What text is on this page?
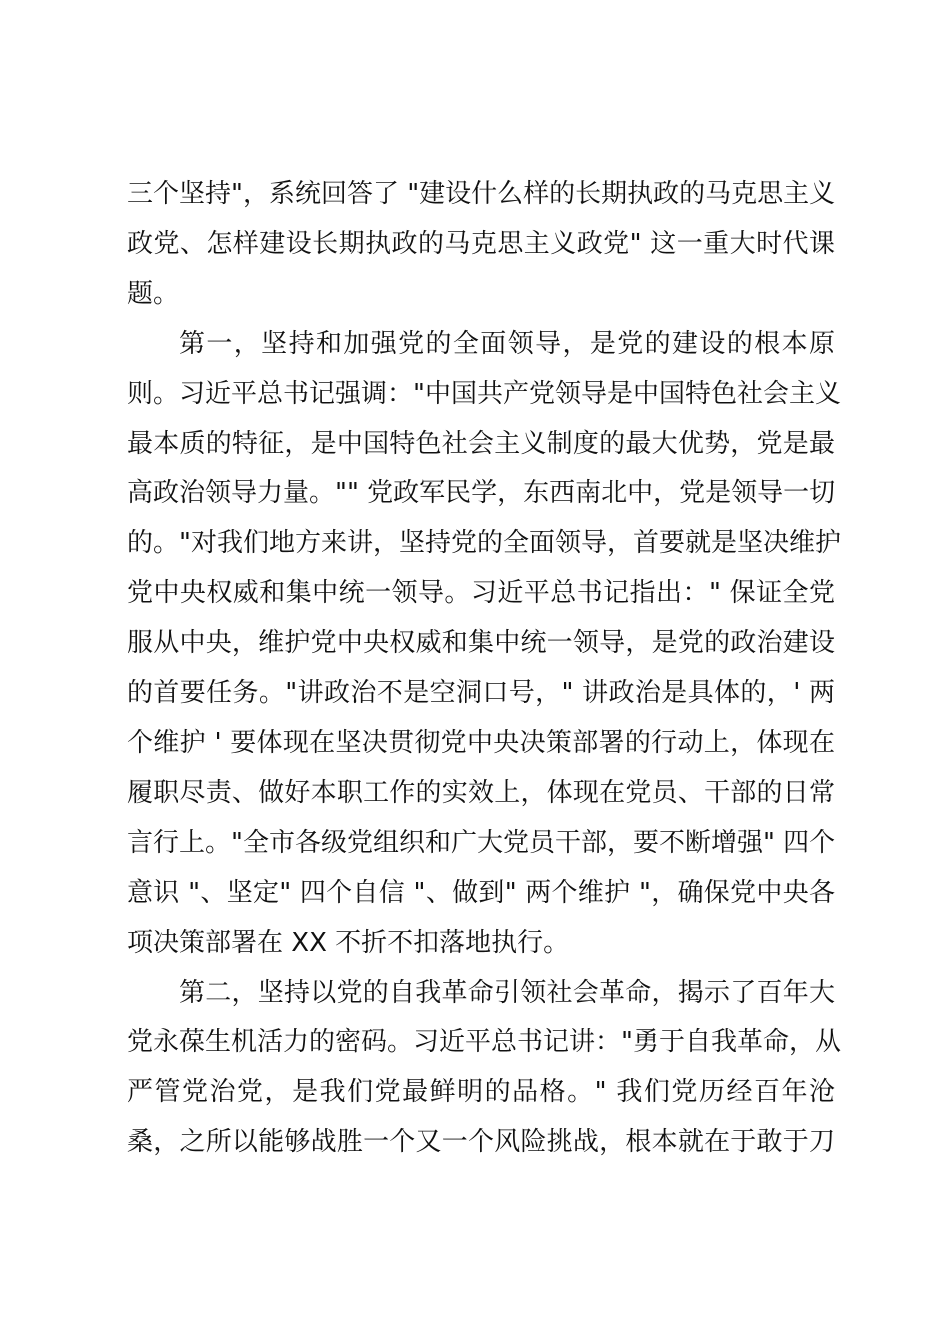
三个坚持"，系统回答了 "建设什么样的长期执政的马克思主义
政党、怎样建设长期执政的马克思主义政党" 这一重大时代课
题。
第一，坚持和加强党的全面领导，是党的建设的根本原
则。习近平总书记强调："中国共产党领导是中国特色社会主义
最本质的特征，是中国特色社会主义制度的最大优势，党是最
高政治领导力量。"" 党政军民学，东西南北中，党是领导一切
的。"对我们地方来讲，坚持党的全面领导，首要就是坚决维护
党中央权威和集中统一领导。习近平总书记指出：" 保证全党
服从中央，维护党中央权威和集中统一领导，是党的政治建设
的首要任务。"讲政治不是空洞口号，" 讲政治是具体的，' 两
个维护 ' 要体现在坚决贯彻党中央决策部署的行动上，体现在
履职尽责、做好本职工作的实效上，体现在党员、干部的日常
言行上。"全市各级党组织和广大党员干部，要不断增强" 四个
意识 "、坚定" 四个自信 "、做到" 两个维护 "，确保党中央各
项决策部署在 XX 不折不扣落地执行。
第二，坚持以党的自我革命引领社会革命，揭示了百年大
党永葆生机活力的密码。习近平总书记讲："勇于自我革命，从
严管党治党，是我们党最鲜明的品格。" 我们党历经百年沧
桑，之所以能够战胜一个又一个风险挑战，根本就在于敢于刀
